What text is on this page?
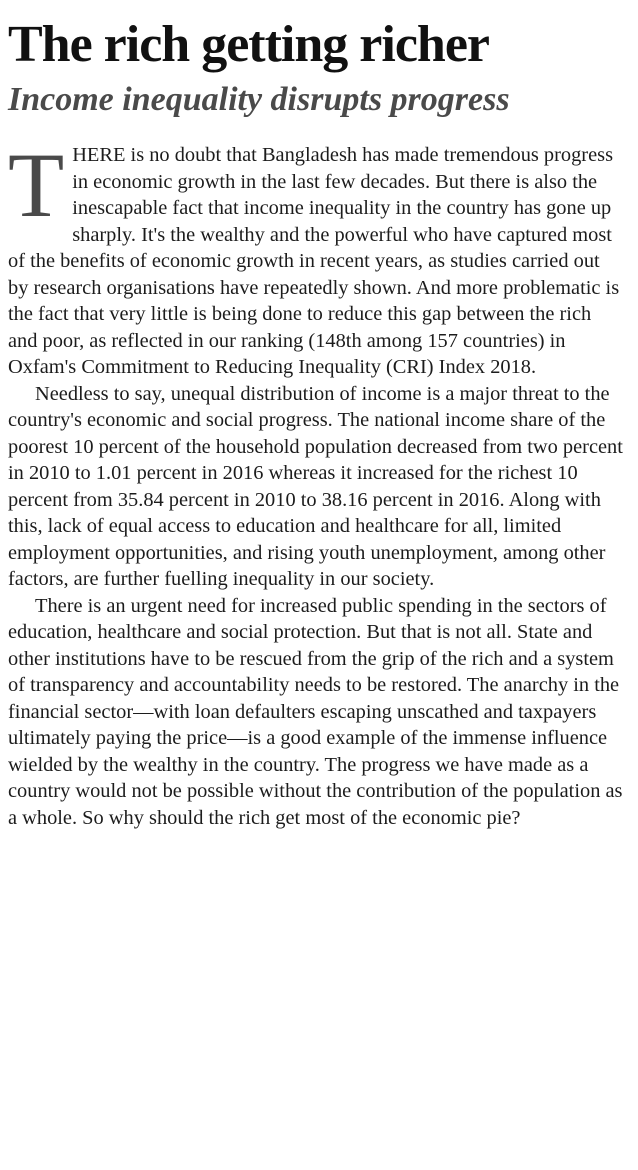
The rich getting richer
Income inequality disrupts progress

T HERE is no doubt that Bangladesh has made tremendous progress in economic growth in the last few decades. But there is also the inescapable fact that income inequality in the country has gone up sharply. It's the wealthy and the powerful who have captured most of the benefits of economic growth in recent years, as studies carried out by research organisations have repeatedly shown. And more problematic is the fact that very little is being done to reduce this gap between the rich and poor, as reflected in our ranking (148th among 157 countries) in Oxfam's Commitment to Reducing Inequality (CRI) Index 2018.

Needless to say, unequal distribution of income is a major threat to the country's economic and social progress. The national income share of the poorest 10 percent of the household population decreased from two percent in 2010 to 1.01 percent in 2016 whereas it increased for the richest 10 percent from 35.84 percent in 2010 to 38.16 percent in 2016. Along with this, lack of equal access to education and healthcare for all, limited employment opportunities, and rising youth unemployment, among other factors, are further fuelling inequality in our society.

There is an urgent need for increased public spending in the sectors of education, healthcare and social protection. But that is not all. State and other institutions have to be rescued from the grip of the rich and a system of transparency and accountability needs to be restored. The anarchy in the financial sector—with loan defaulters escaping unscathed and taxpayers ultimately paying the price—is a good example of the immense influence wielded by the wealthy in the country. The progress we have made as a country would not be possible without the contribution of the population as a whole. So why should the rich get most of the economic pie?
